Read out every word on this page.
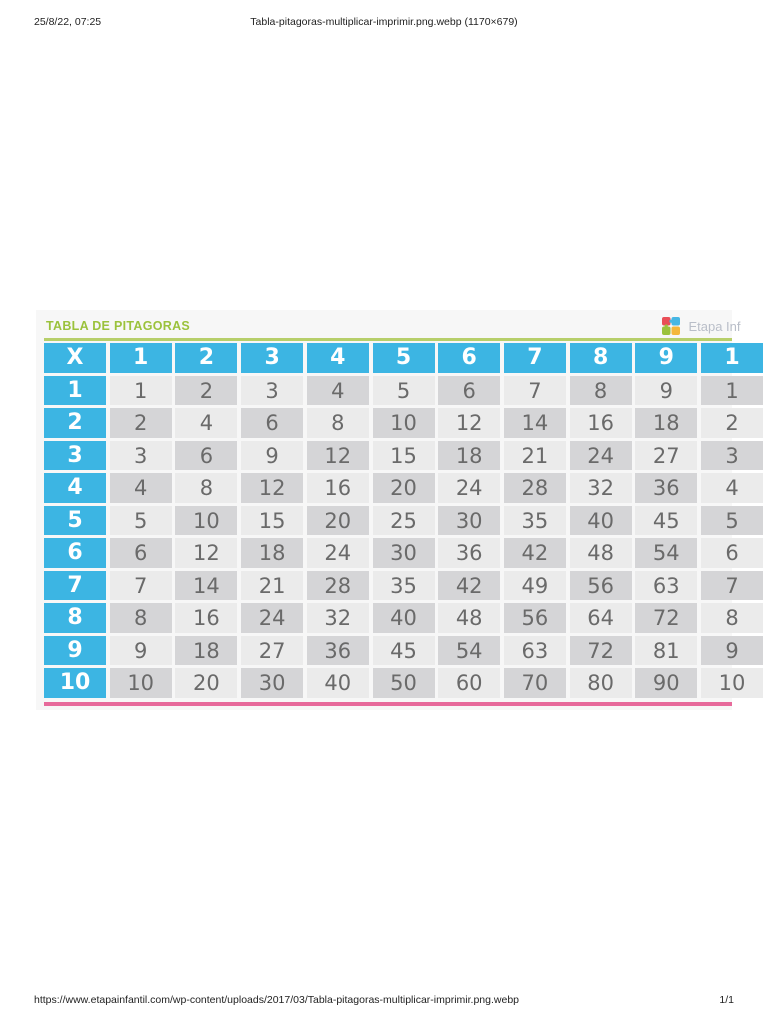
25/8/22, 07:25	Tabla-pitagoras-multiplicar-imprimir.png.webp (1170×679)
TABLA DE PITAGORAS	Etapa Inf
X	1	2	3	4	5	6	7	8	9	1
1	1	2	3	4	5	6	7	8	9	1
2	2	4	6	8	10	12	14	16	18	2
3	3	6	9	12	15	18	21	24	27	3
4	4	8	12	16	20	24	28	32	36	4
5	5	10	15	20	25	30	35	40	45	5
6	6	12	18	24	30	36	42	48	54	6
7	7	14	21	28	35	42	49	56	63	7
8	8	16	24	32	40	48	56	64	72	8
9	9	18	27	36	45	54	63	72	81	9
10	10	20	30	40	50	60	70	80	90	10
https://www.etapainfantil.com/wp-content/uploads/2017/03/Tabla-pitagoras-multiplicar-imprimir.png.webp	1/1
